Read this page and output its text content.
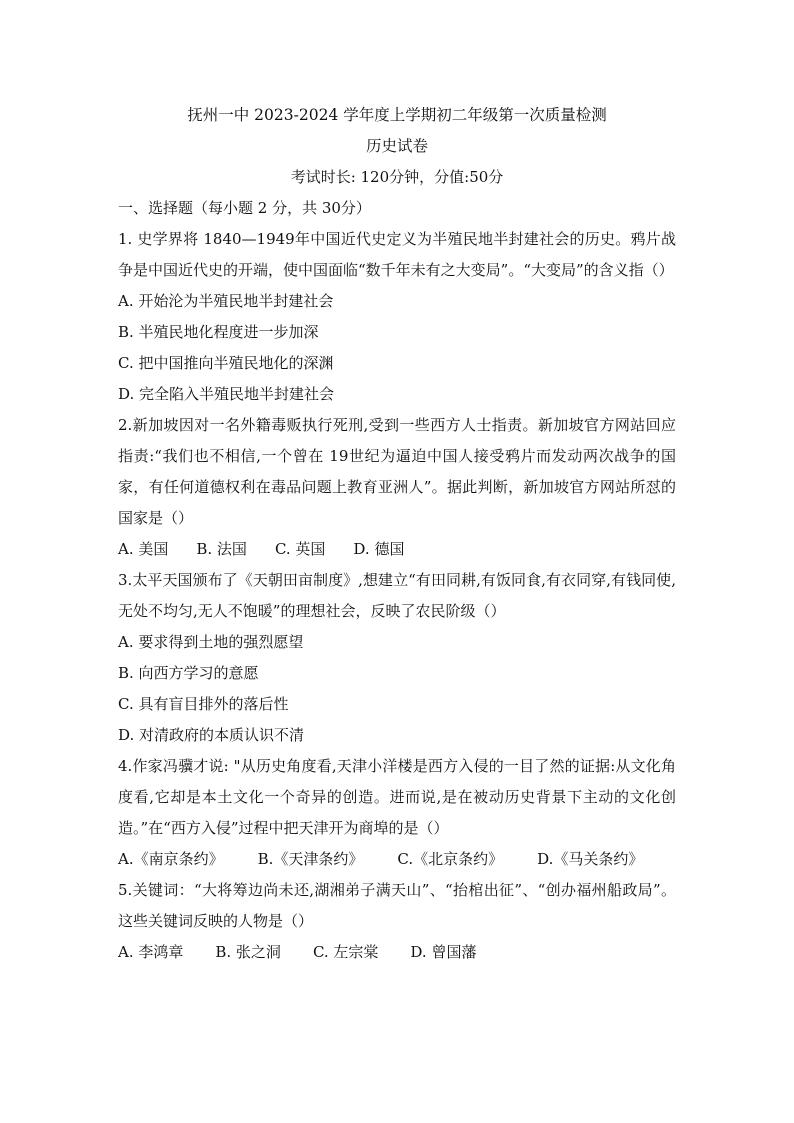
抚州一中 2023-2024 学年度上学期初二年级第一次质量检测

历史试卷

考试时长: 120分钟，分值:50分

一、选择题（每小题 2 分，共 30分）

1. 史学界将 1840—1949年中国近代史定义为半殖民地半封建社会的历史。鸦片战争是中国近代史的开端，使中国面临“数千年未有之大变局”。“大变局”的含义指（）

A. 开始沦为半殖民地半封建社会
B. 半殖民地化程度进一步加深
C. 把中国推向半殖民地化的深渊
D. 完全陷入半殖民地半封建社会

2.新加坡因对一名外籍毒贩执行死刑,受到一些西方人士指责。新加坡官方网站回应指责:“我们也不相信,一个曾在 19世纪为逼迫中国人接受鸦片而发动两次战争的国家，有任何道德权利在毒品问题上教育亚洲人”。据此判断，新加坡官方网站所怼的国家是（）

A. 美国 B. 法国 C. 英国 D. 德国

3.太平天国颁布了《天朝田亩制度》,想建立“有田同耕,有饭同食,有衣同穿,有钱同使,无处不均匀,无人不饱暖”的理想社会，反映了农民阶级（）

A. 要求得到土地的强烈愿望
B. 向西方学习的意愿
C. 具有盲目排外的落后性
D. 对清政府的本质认识不清

4.作家冯骥才说: "从历史角度看,天津小洋楼是西方入侵的一目了然的证据:从文化角度看,它却是本土文化一个奇异的创造。进而说,是在被动历史背景下主动的文化创造。”在“西方入侵”过程中把天津开为商埠的是（）

A.《南京条约》 B.《天津条约》 C.《北京条约》 D.《马关条约》

5.关键词：“大将筹边尚未还,湖湘弟子满天山”、“抬棺出征”、“创办福州船政局”。这些关键词反映的人物是（）

A. 李鸿章 B. 张之洞 C. 左宗棠 D. 曾国藩
